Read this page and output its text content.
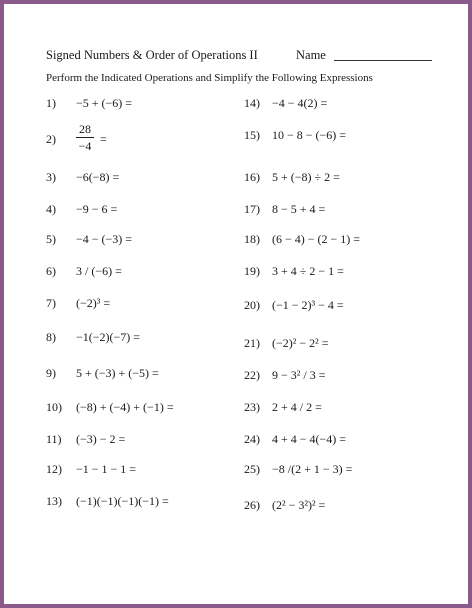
Signed Numbers & Order of Operations II	Name
Perform the Indicated Operations and Simplify the Following Expressions
1) −5 + (−6) =
2)
28
−4 =
3) −6(−8) =
4) −9 − 6 =
5) −4 − (−3) =
6) 3 / (−6) =
7) (−2)³ =
8) −1(−2)(−7) =
9) 5 + (−3) + (−5) =
10) (−8) + (−4) + (−1) =
11) (−3) − 2 =
12) −1 − 1 − 1 =
13) (−1)(−1)(−1)(−1) =
14) −4 − 4(2) =
15) 10 − 8 − (−6) =
16) 5 + (−8) ÷ 2 =
17) 8 − 5 + 4 =
18) (6 − 4) − (2 − 1) =
19) 3 + 4 ÷ 2 − 1 =
20) (−1 − 2)³ − 4 =
21) (−2)² − 2² =
22) 9 − 3² / 3 =
23) 2 + 4 / 2 =
24) 4 + 4 − 4(−4) =
25) −8 /(2 + 1 − 3) =
26) (2² − 3²)² =
